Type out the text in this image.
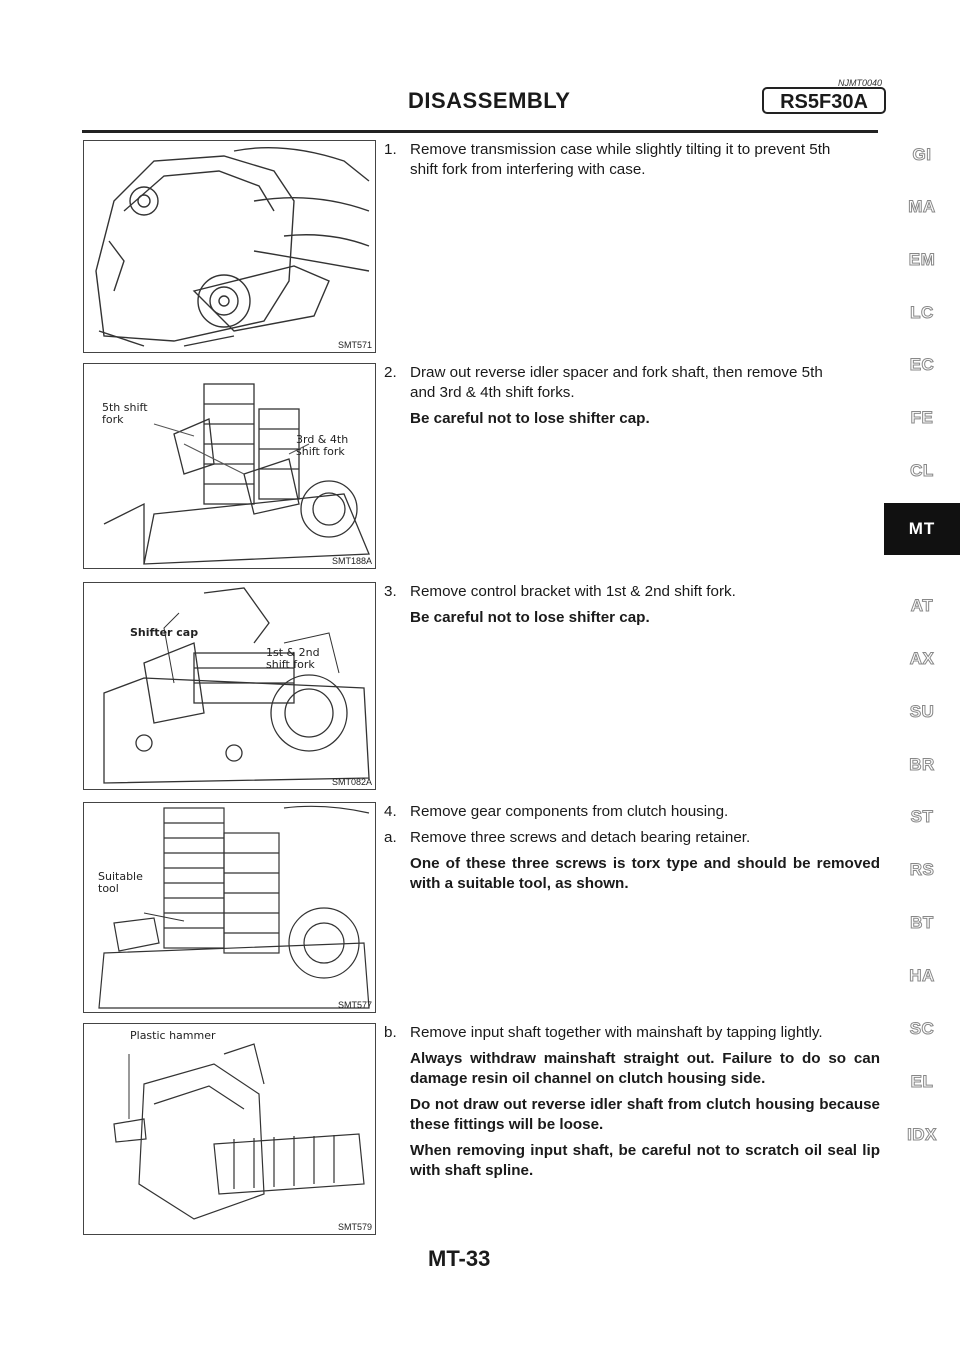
NJMT0040
DISASSEMBLY	RS5F30A
SMT571
5th shift
fork
3rd & 4th
shift fork
SMT188A
Shifter cap
1st & 2nd
shift fork
SMT082A
Suitable
tool
SMT577
Plastic hammer
SMT579

1. Remove transmission case while slightly tilting it to prevent 5th

shift fork from interfering with case.

2. Draw out reverse idler spacer and fork shaft, then remove 5th

and 3rd & 4th shift forks.

Be careful not to lose shifter cap.

3. Remove control bracket with 1st & 2nd shift fork.

Be careful not to lose shifter cap.

4. Remove gear components from clutch housing.

a. Remove three screws and detach bearing retainer.

One of these three screws is torx type and should be removed with a suitable tool, as shown.

b. Remove input shaft together with mainshaft by tapping lightly.

Always withdraw mainshaft straight out. Failure to do so can damage resin oil channel on clutch housing side.

Do not draw out reverse idler shaft from clutch housing because these fittings will be loose.

When removing input shaft, be careful not to scratch oil seal lip with shaft spline.

GI
MA
EM
LC
EC
FE
CL
MT
AT
AX
SU
BR
ST
RS
BT
HA
SC
EL
IDX
MT-33
